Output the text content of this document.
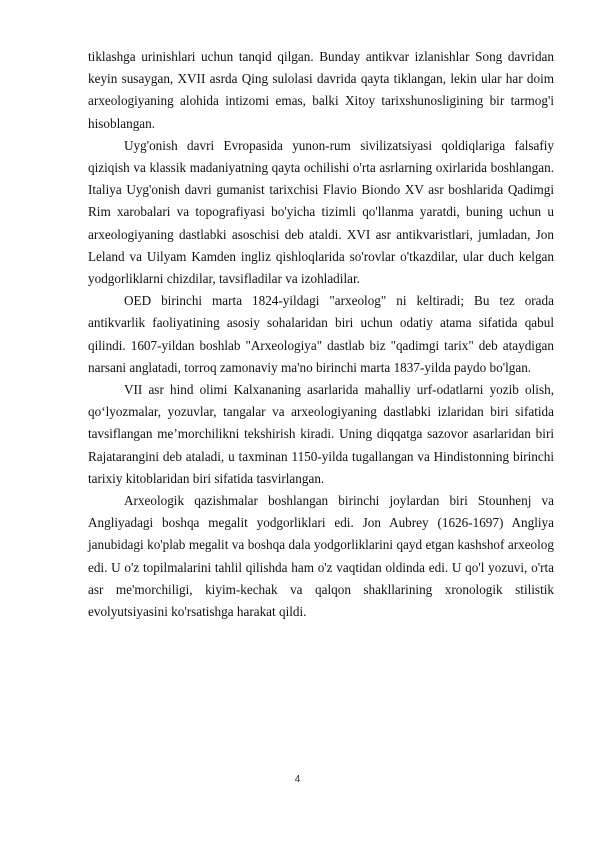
tiklashga urinishlari uchun tanqid qilgan. Bunday antikvar izlanishlar Song davridan keyin susaygan, XVII asrda Qing sulolasi davrida qayta tiklangan, lekin ular har doim arxeologiyaning alohida intizomi emas, balki Xitoy tarixshunosligining bir tarmog'i hisoblangan.

Uyg'onish davri Evropasida yunon-rum sivilizatsiyasi qoldiqlariga falsafiy qiziqish va klassik madaniyatning qayta ochilishi o'rta asrlarning oxirlarida boshlangan. Italiya Uyg'onish davri gumanist tarixchisi Flavio Biondo XV asr boshlarida Qadimgi Rim xarobalari va topografiyasi bo'yicha tizimli qo'llanma yaratdi, buning uchun u arxeologiyaning dastlabki asoschisi deb ataldi. XVI asr antikvaristlari, jumladan, Jon Leland va Uilyam Kamden ingliz qishloqlarida so'rovlar o'tkazdilar, ular duch kelgan yodgorliklarni chizdilar, tavsifladilar va izohladilar.

OED birinchi marta 1824-yildagi "arxeolog" ni keltiradi; Bu tez orada antikvarlik faoliyatining asosiy sohalaridan biri uchun odatiy atama sifatida qabul qilindi. 1607-yildan boshlab "Arxeologiya" dastlab biz "qadimgi tarix" deb ataydigan narsani anglatadi, torroq zamonaviy ma'no birinchi marta 1837-yilda paydo bo'lgan.

VII asr hind olimi Kalxananing asarlarida mahalliy urf-odatlarni yozib olish, qo‘lyozmalar, yozuvlar, tangalar va arxeologiyaning dastlabki izlaridan biri sifatida tavsiflangan me’morchilikni tekshirish kiradi. Uning diqqatga sazovor asarlaridan biri Rajatarangini deb ataladi, u taxminan 1150-yilda tugallangan va Hindistonning birinchi tarixiy kitoblaridan biri sifatida tasvirlangan.

Arxeologik qazishmalar boshlangan birinchi joylardan biri Stounhenj va Angliyadagi boshqa megalit yodgorliklari edi. Jon Aubrey (1626-1697) Angliya janubidagi ko'plab megalit va boshqa dala yodgorliklarini qayd etgan kashshof arxeolog edi. U o'z topilmalarini tahlil qilishda ham o'z vaqtidan oldinda edi. U qo'l yozuvi, o'rta asr me'morchiligi, kiyim-kechak va qalqon shakllarining xronologik stilistik evolyutsiyasini ko'rsatishga harakat qildi.

4
